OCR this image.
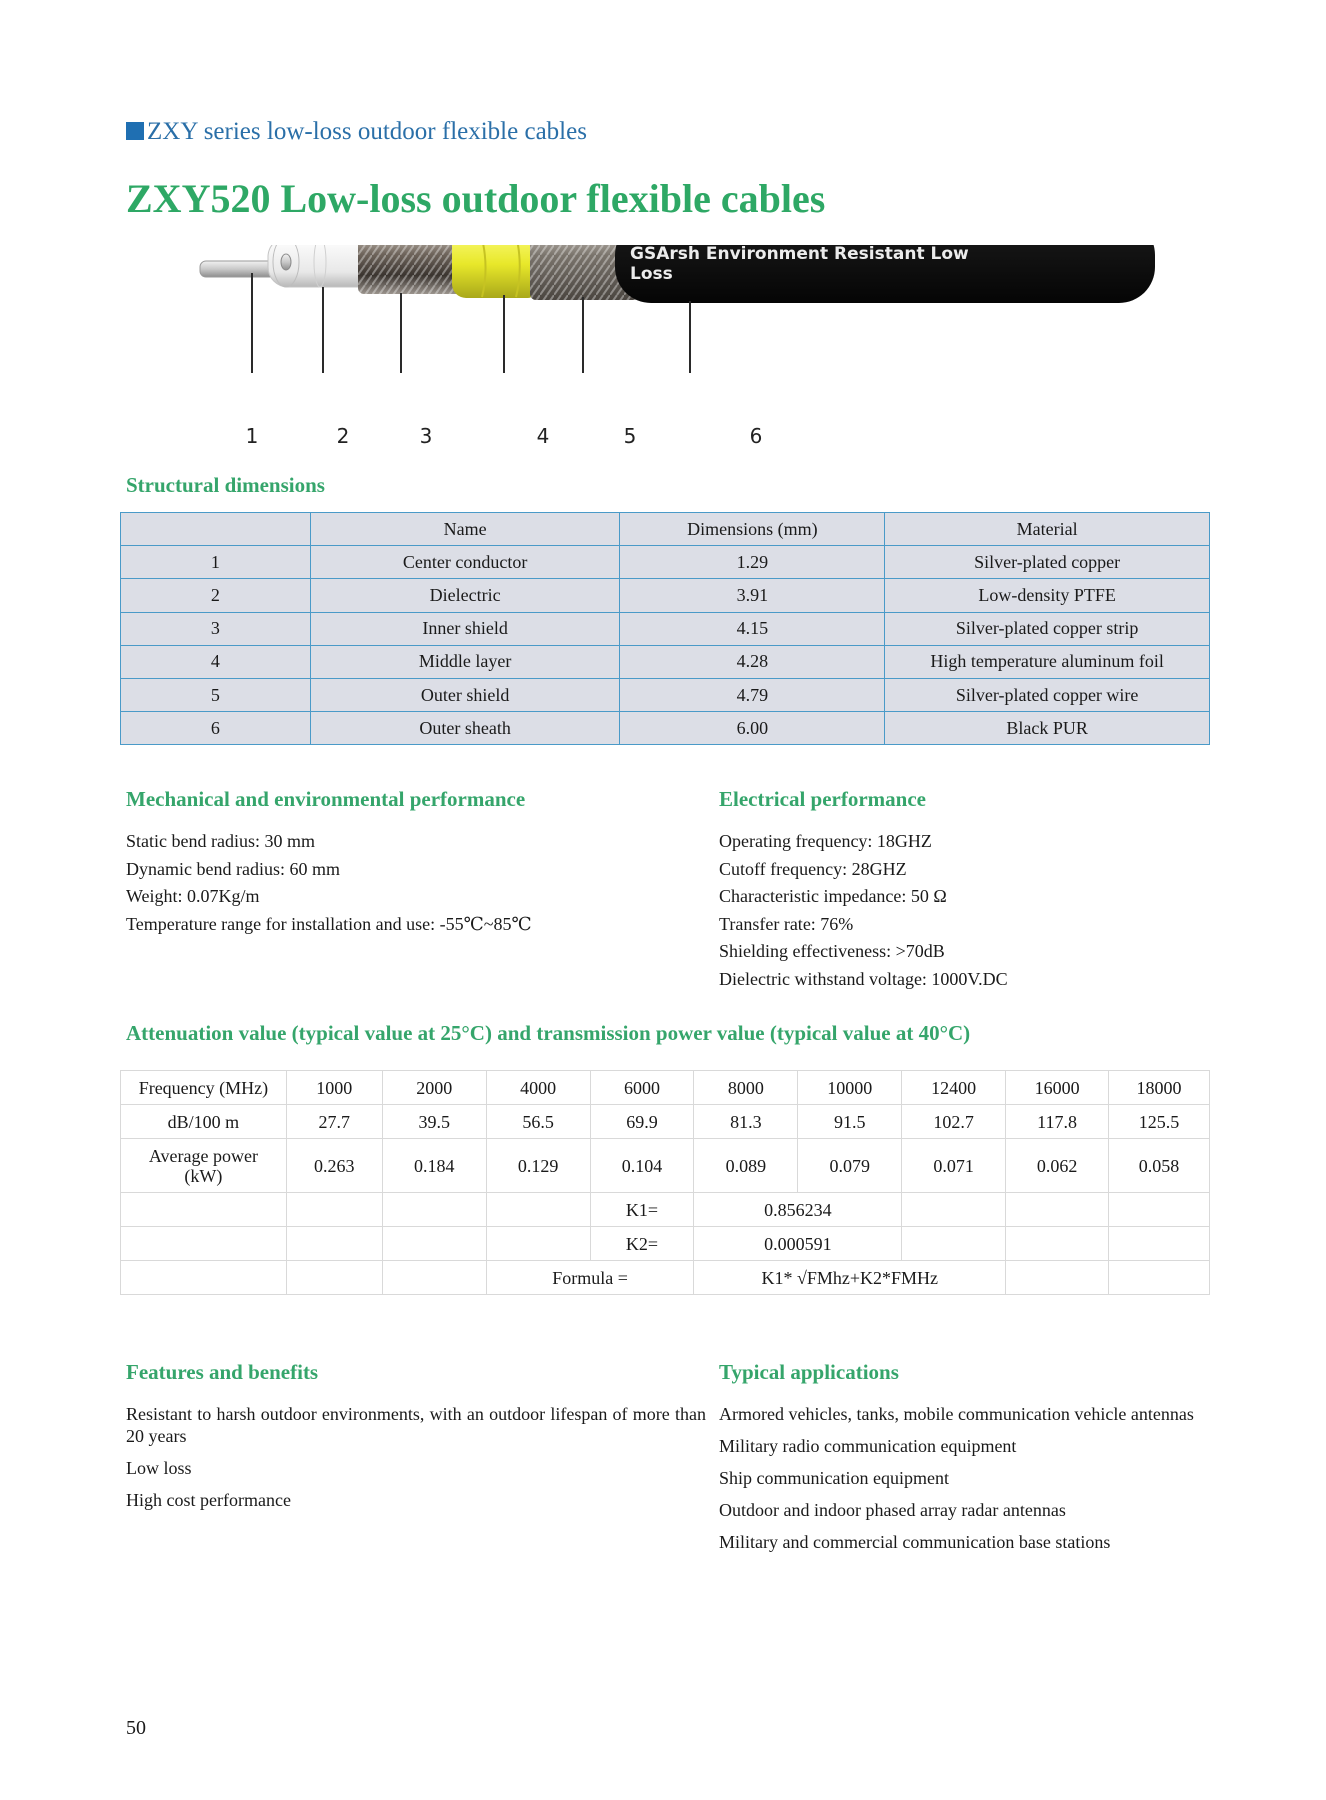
ZXY series low-loss outdoor flexible cables
ZXY520 Low-loss outdoor flexible cables
GSArsh Environment Resistant Low
Loss
1	2	3	4	5	6
Structural dimensions
	Name	Dimensions (mm)	Material
1	Center conductor	1.29	Silver-plated copper
2	Dielectric	3.91	Low-density PTFE
3	Inner shield	4.15	Silver-plated copper strip
4	Middle layer	4.28	High temperature aluminum foil
5	Outer shield	4.79	Silver-plated copper wire
6	Outer sheath	6.00	Black PUR
Mechanical and environmental performance

Static bend radius: 30 mm

Dynamic bend radius: 60 mm

Weight: 0.07Kg/m

Temperature range for installation and use: -55℃~85℃

Electrical performance

Operating frequency: 18GHZ

Cutoff frequency: 28GHZ

Characteristic impedance: 50 Ω

Transfer rate: 76%

Shielding effectiveness: >70dB

Dielectric withstand voltage: 1000V.DC

Attenuation value (typical value at 25°C) and transmission power value (typical value at 40°C)
Frequency (MHz)	1000	2000	4000	6000	8000	10000	12400	16000	18000
dB/100 m	27.7	39.5	56.5	69.9	81.3	91.5	102.7	117.8	125.5
Average power
(kW)	0.263	0.184	0.129	0.104	0.089	0.079	0.071	0.062	0.058
				K1=	0.856234				
				K2=	0.000591				
			Formula =		K1* √FMhz+K2*FMHz				
Features and benefits

Resistant to harsh outdoor environments, with an outdoor lifespan of more than 20 years

Low loss

High cost performance

Typical applications

Armored vehicles, tanks, mobile communication vehicle antennas

Military radio communication equipment

Ship communication equipment

Outdoor and indoor phased array radar antennas

Military and commercial communication base stations

50
